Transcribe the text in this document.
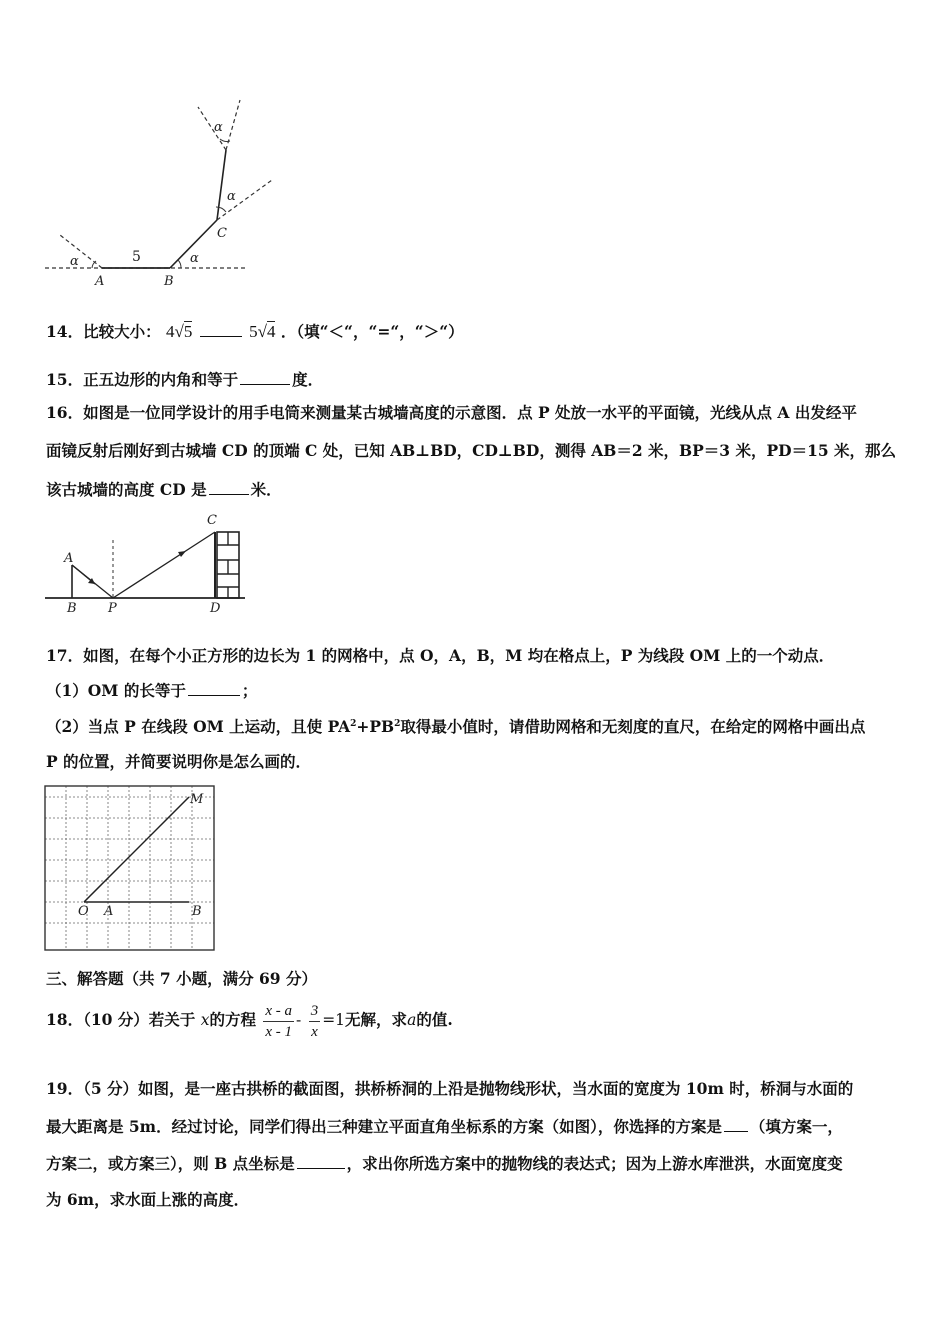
α	5	α
A	B
C
α
α
14．比较大小： 4√5	5√4 ．（填“＜“，“=“，“＞“）
15．正五边形的内角和等于	度．
16．如图是一位同学设计的用手电筒来测量某古城墙高度的示意图．点 P 处放一水平的平面镜，光线从点 A 出发经平
面镜反射后刚好到古城墙 CD 的顶端 C 处，已知 AB⊥BD，CD⊥BD，测得 AB＝2 米，BP＝3 米，PD＝15 米，那么
该古城墙的高度 CD 是	米．
A
B P
C
D
17．如图，在每个小正方形的边长为 1 的网格中，点 O，A，B，M 均在格点上，P 为线段 OM 上的一个动点．
（1）OM 的长等于	；
（2）当点 P 在线段 OM 上运动，且使 $PA^2+PB^2$取得最小值时，请借助网格和无刻度的直尺，在给定的网格中画出点
P 的位置，并简要说明你是怎么画的．
O A	B
M
三、解答题（共 7 小题，满分 69 分）
18．（10 分）若关于 x的方程 $\frac{x - a}{x - 1} - \frac{3}{x} =1$无解，求a的值.
19．（5 分）如图，是一座古拱桥的截面图，拱桥桥洞的上沿是抛物线形状，当水面的宽度为 10m 时，桥洞与水面的
最大距离是 5m．经过讨论，同学们得出三种建立平面直角坐标系的方案（如图），你选择的方案是 （填方案一，
方案二，或方案三），则 B 点坐标是	，求出你所选方案中的抛物线的表达式；因为上游水库泄洪，水面宽度变
为 6m，求水面上涨的高度．
